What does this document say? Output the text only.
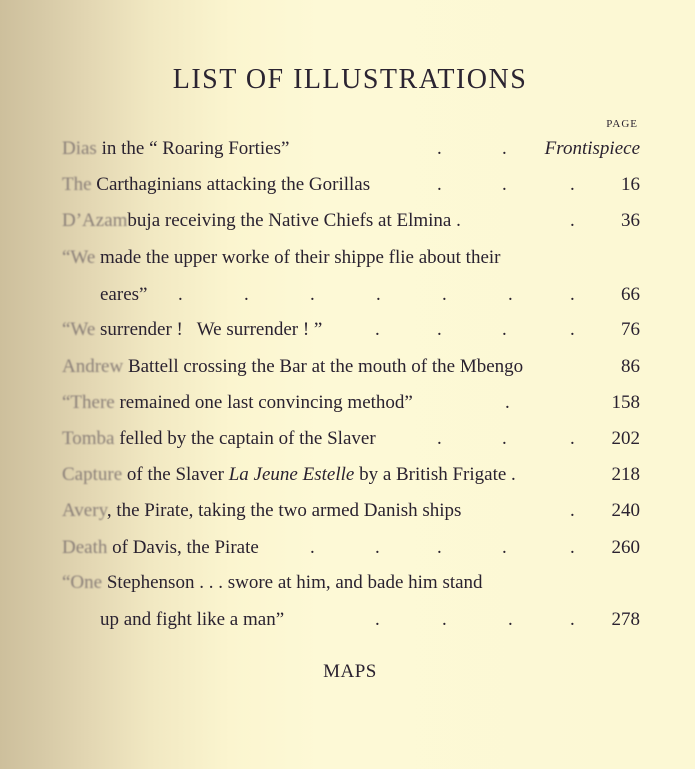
LIST OF ILLUSTRATIONS
PAGE
Dias in the “ Roaring Forties”	.	. Frontispiece
The Carthaginians attacking the Gorillas	.	.	. 16
D’Azambuja receiving the Native Chiefs at Elmina .	. 36
“We made the upper worke of their shippe flie about their
eares” .	.	.	.	.	.	. 66
“We surrender !   We surrender ! ”	.	.	.	. 76
Andrew Battell crossing the Bar at the mouth of the Mbengo	86
“There remained one last convincing method”	.	158
Tomba felled by the captain of the Slaver	.	.	. 202
Capture of the Slaver La Jeune Estelle by a British Frigate .	218
Avery, the Pirate, taking the two armed Danish ships	. 240
Death of Davis, the Pirate	.	.	.	.	. 260
“One Stephenson . . . swore at him, and bade him stand
up and fight like a man”	.	.	.	. 278
MAPS
